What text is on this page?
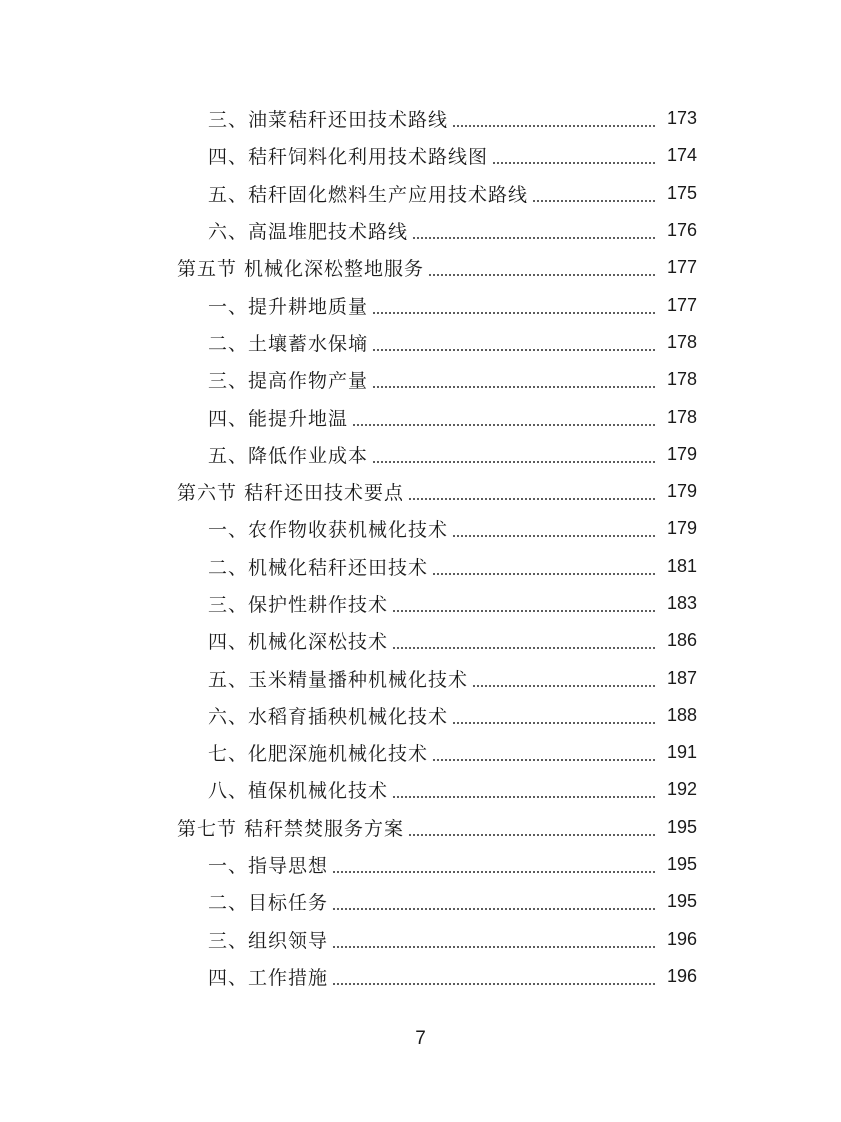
三、油菜秸秆还田技术路线	173
四、秸秆饲料化利用技术路线图	174
五、秸秆固化燃料生产应用技术路线	175
六、高温堆肥技术路线	176
第五节 机械化深松整地服务	177
一、提升耕地质量	177
二、土壤蓄水保墒	178
三、提高作物产量	178
四、能提升地温	178
五、降低作业成本	179
第六节 秸秆还田技术要点	179
一、农作物收获机械化技术	179
二、机械化秸秆还田技术	181
三、保护性耕作技术	183
四、机械化深松技术	186
五、玉米精量播种机械化技术	187
六、水稻育插秧机械化技术	188
七、化肥深施机械化技术	191
八、植保机械化技术	192
第七节 秸秆禁焚服务方案	195
一、指导思想	195
二、目标任务	195
三、组织领导	196
四、工作措施	196
7
